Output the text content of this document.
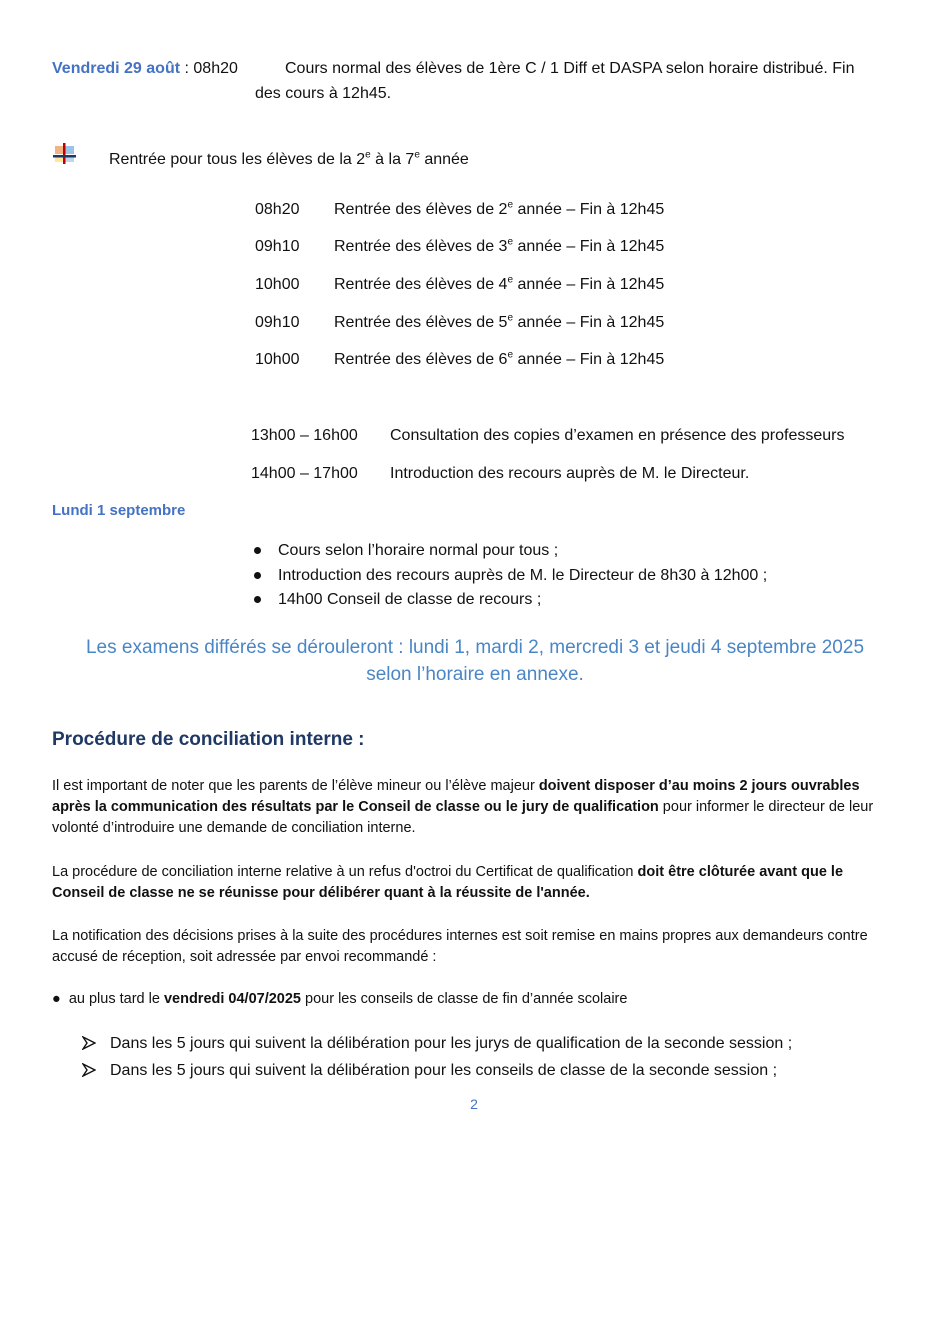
Vendredi 29 août : 08h20	Cours normal des élèves de 1ère C / 1 Diff et DASPA selon horaire distribué. Fin
des cours à 12h45.
Rentrée pour tous les élèves de la 2e à la 7e année
08h20	Rentrée des élèves de 2e année – Fin à 12h45
09h10	Rentrée des élèves de 3e année – Fin à 12h45
10h00	Rentrée des élèves de 4e année – Fin à 12h45
09h10	Rentrée des élèves de 5e année – Fin à 12h45
10h00	Rentrée des élèves de 6e année – Fin à 12h45
13h00 – 16h00 Consultation des copies d’examen en présence des professeurs
14h00 – 17h00 Introduction des recours auprès de M. le Directeur.
Lundi 1 septembre
Cours selon l’horaire normal pour tous ;
Introduction des recours auprès de M. le Directeur de 8h30 à 12h00 ;
14h00 Conseil de classe de recours ;
Les examens différés se dérouleront : lundi 1, mardi 2, mercredi 3 et jeudi 4 septembre 2025
selon l’horaire en annexe.
Procédure de conciliation interne :
Il est important de noter que les parents de l’élève mineur ou l’élève majeur doivent disposer d’au moins 2 jours ouvrables après la communication des résultats par le Conseil de classe ou le jury de qualification pour informer le directeur de leur volonté d’introduire une demande de conciliation interne.
La procédure de conciliation interne relative à un refus d'octroi du Certificat de qualification doit être clôturée avant que le Conseil de classe ne se réunisse pour délibérer quant à la réussite de l'année.
La notification des décisions prises à la suite des procédures internes est soit remise en mains propres aux demandeurs contre accusé de réception, soit adressée par envoi recommandé :
● au plus tard le vendredi 04/07/2025 pour les conseils de classe de fin d’année scolaire
Dans les 5 jours qui suivent la délibération pour les jurys de qualification de la seconde session ;
Dans les 5 jours qui suivent la délibération pour les conseils de classe de la seconde session ;
2
